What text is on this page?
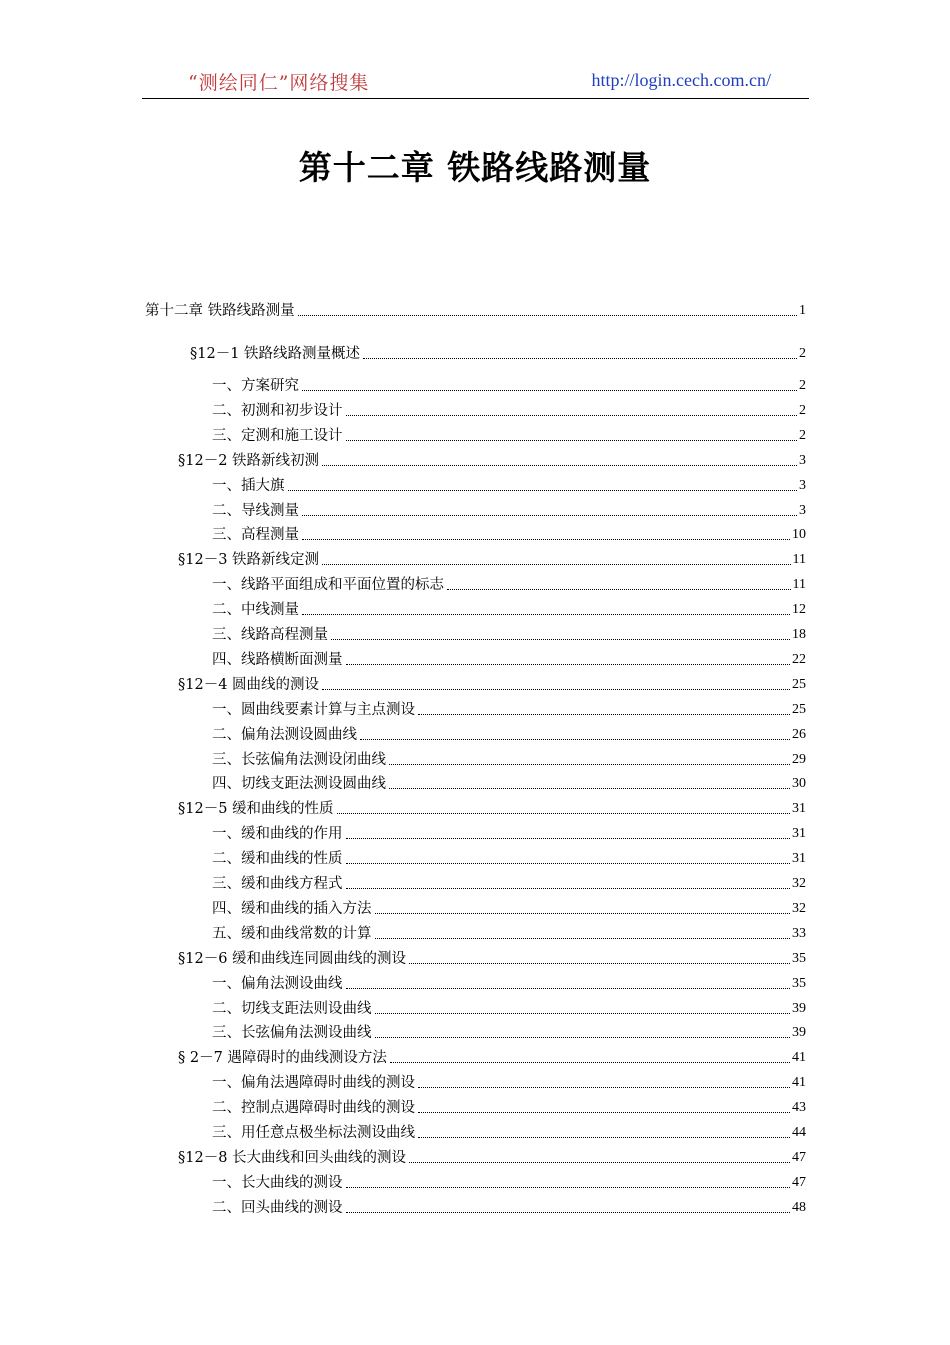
“测绘同仁”网络搜集	http://login.cech.com.cn/
第十二章 铁路线路测量
第十二章 铁路线路测量	1
§12－1 铁路线路测量概述	2
一、方案研究	2
二、初测和初步设计	2
三、定测和施工设计	2
§12－2 铁路新线初测	3
一、插大旗	3
二、导线测量	3
三、高程测量	10
§12－3 铁路新线定测	11
一、线路平面组成和平面位置的标志	11
二、中线测量	12
三、线路高程测量	18
四、线路横断面测量	22
§12－4 圆曲线的测设	25
一、圆曲线要素计算与主点测设	25
二、偏角法测设圆曲线	26
三、长弦偏角法测设闭曲线	29
四、切线支距法测设圆曲线	30
§12－5 缓和曲线的性质	31
一、缓和曲线的作用	31
二、缓和曲线的性质	31
三、缓和曲线方程式	32
四、缓和曲线的插入方法	32
五、缓和曲线常数的计算	33
§12－6 缓和曲线连同圆曲线的测设	35
一、偏角法测设曲线	35
二、切线支距法则设曲线	39
三、长弦偏角法测设曲线	39
§ 2－7 遇障碍时的曲线测设方法	41
一、偏角法遇障碍时曲线的测设	41
二、控制点遇障碍时曲线的测设	43
三、用任意点极坐标法测设曲线	44
§12－8 长大曲线和回头曲线的测设	47
一、长大曲线的测设	47
二、回头曲线的测设	48
